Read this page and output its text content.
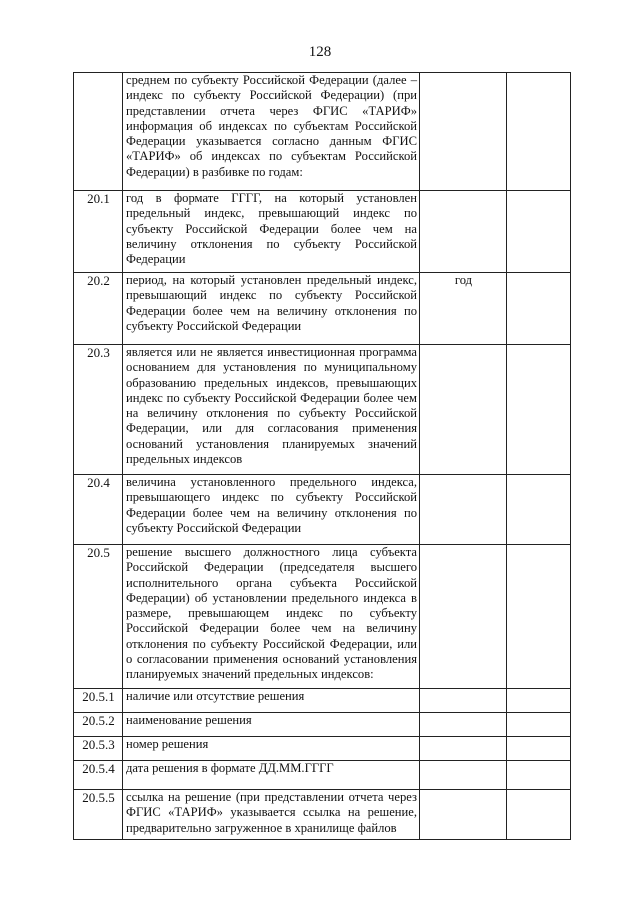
128
	среднем по субъекту Российской Федерации (далее – индекс по субъекту Российской Федерации) (при представлении отчета через ФГИС «ТАРИФ» информация об индексах по субъектам Российской Федерации указывается согласно данным ФГИС «ТАРИФ» об индексах по субъектам Российской Федерации) в разбивке по годам:		
20.1	год в формате ГГГГ, на который установлен предельный индекс, превышающий индекс по субъекту Российской Федерации более чем на величину отклонения по субъекту Российской Федерации		
20.2	период, на который установлен предельный индекс, превышающий индекс по субъекту Российской Федерации более чем на величину отклонения по субъекту Российской Федерации	год	
20.3	является или не является инвестиционная программа основанием для установления по муниципальному образованию предельных индексов, превышающих индекс по субъекту Российской Федерации более чем на величину отклонения по субъекту Российской Федерации, или для согласования применения оснований установления планируемых значений предельных индексов		
20.4	величина установленного предельного индекса, превышающего индекс по субъекту Российской Федерации более чем на величину отклонения по субъекту Российской Федерации		
20.5	решение высшего должностного лица субъекта Российской Федерации (председателя высшего исполнительного органа субъекта Российской Федерации) об установлении предельного индекса в размере, превышающем индекс по субъекту Российской Федерации более чем на величину отклонения по субъекту Российской Федерации, или о согласовании применения оснований установления планируемых значений предельных индексов:		
20.5.1	наличие или отсутствие решения		
20.5.2	наименование решения		
20.5.3	номер решения		
20.5.4	дата решения в формате ДД.ММ.ГГГГ		
20.5.5	ссылка на решение (при представлении отчета через ФГИС «ТАРИФ» указывается ссылка на решение, предварительно загруженное в хранилище файлов		
